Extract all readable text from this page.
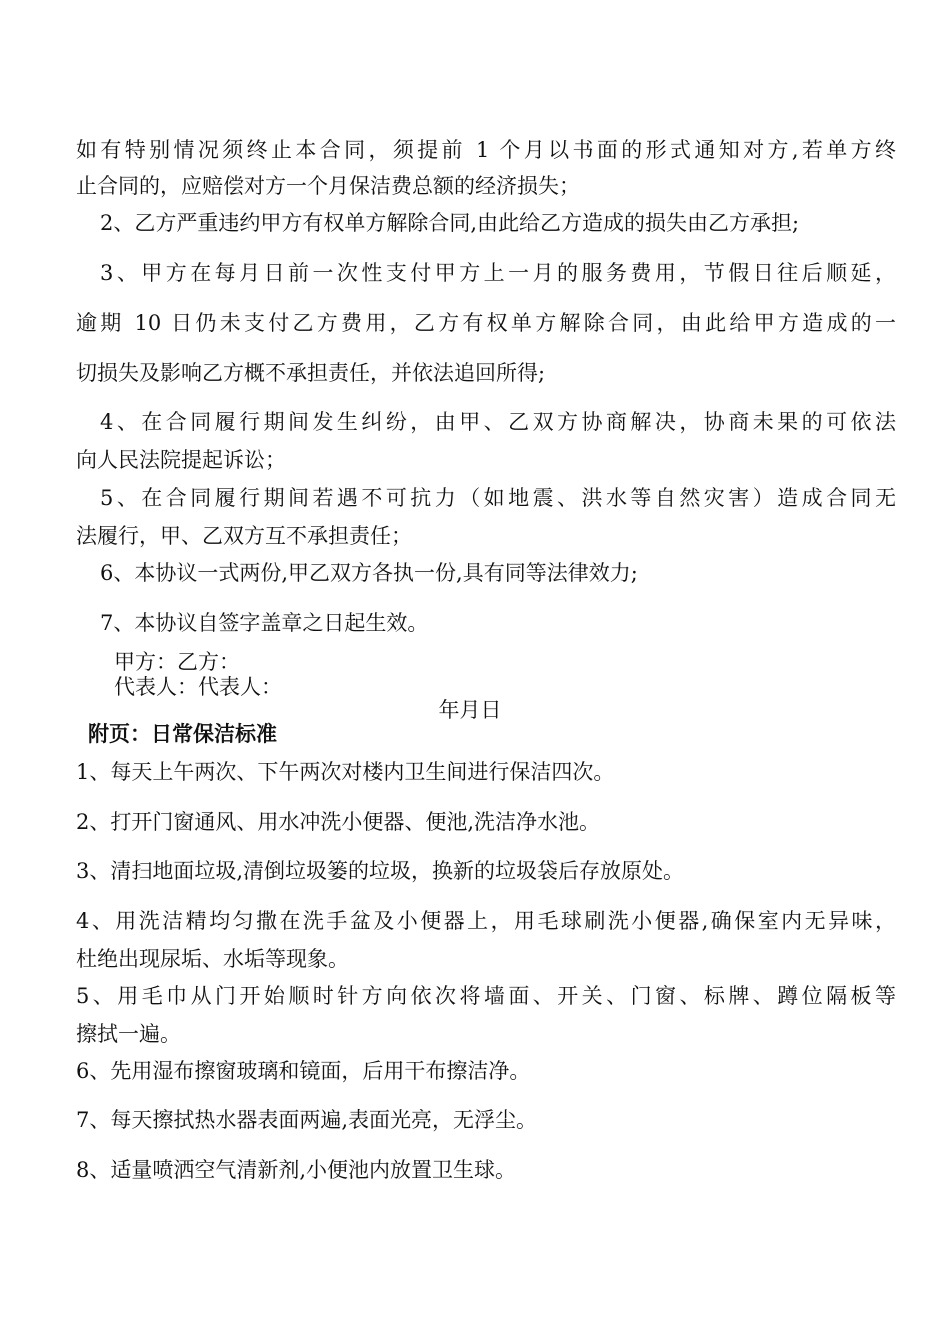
如有特别情况须终止本合同，须提前 1 个月以书面的形式通知对方,若单方终
止合同的，应赔偿对方一个月保洁费总额的经济损失；
2、乙方严重违约甲方有权单方解除合同,由此给乙方造成的损失由乙方承担;
3、甲方在每月日前一次性支付甲方上一月的服务费用，节假日往后顺延，
逾期 10 日仍未支付乙方费用，乙方有权单方解除合同，由此给甲方造成的一
切损失及影响乙方概不承担责任，并依法追回所得;
4、在合同履行期间发生纠纷，由甲、乙双方协商解决，协商未果的可依法
向人民法院提起诉讼；
5、在合同履行期间若遇不可抗力（如地震、洪水等自然灾害）造成合同无
法履行，甲、乙双方互不承担责任；
6、本协议一式两份,甲乙双方各执一份,具有同等法律效力;
7、本协议自签字盖章之日起生效。
甲方：乙方：
代表人：代表人：
年月日
附页：日常保洁标准
1、每天上午两次、下午两次对楼内卫生间进行保洁四次。
2、打开门窗通风、用水冲洗小便器、便池,洗洁净水池。
3、清扫地面垃圾,清倒垃圾篓的垃圾，换新的垃圾袋后存放原处。
4、用洗洁精均匀撒在洗手盆及小便器上，用毛球刷洗小便器,确保室内无异味，
杜绝出现尿垢、水垢等现象。
5、用毛巾从门开始顺时针方向依次将墙面、开关、门窗、标牌、蹲位隔板等
擦拭一遍。
6、先用湿布擦窗玻璃和镜面，后用干布擦洁净。
7、每天擦拭热水器表面两遍,表面光亮，无浮尘。
8、适量喷洒空气清新剂,小便池内放置卫生球。
